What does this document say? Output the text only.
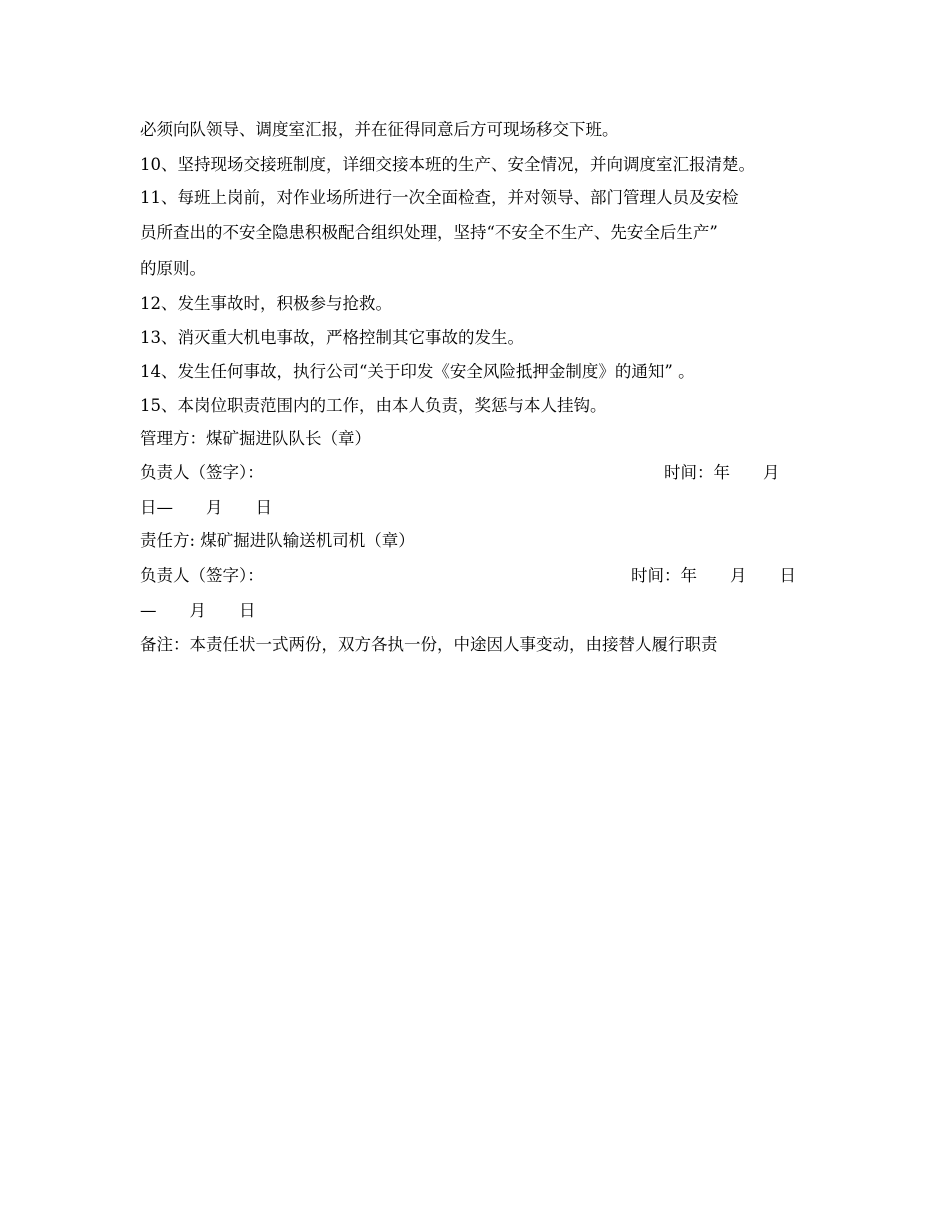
必须向队领导、调度室汇报，并在征得同意后方可现场移交下班。
10、坚持现场交接班制度，详细交接本班的生产、安全情况，并向调度室汇报清楚。
11、每班上岗前，对作业场所进行一次全面检查，并对领导、部门管理人员及安检
员所查出的不安全隐患积极配合组织处理，坚持“不安全不生产、先安全后生产”
的原则。
12、发生事故时，积极参与抢救。
13、消灭重大机电事故，严格控制其它事故的发生。
14、发生任何事故，执行公司“关于印发《安全风险抵押金制度》的通知” 。
15、本岗位职责范围内的工作，由本人负责，奖惩与本人挂钩。
管理方：煤矿掘进队队长（章）
负责人（签字）：	时间：年　　月
日—　　月　　日
责任方: 煤矿掘进队输送机司机（章）
负责人（签字）：	时间：年　　月　　日
—　　月　　日
备注：本责任状一式两份，双方各执一份，中途因人事变动，由接替人履行职责
